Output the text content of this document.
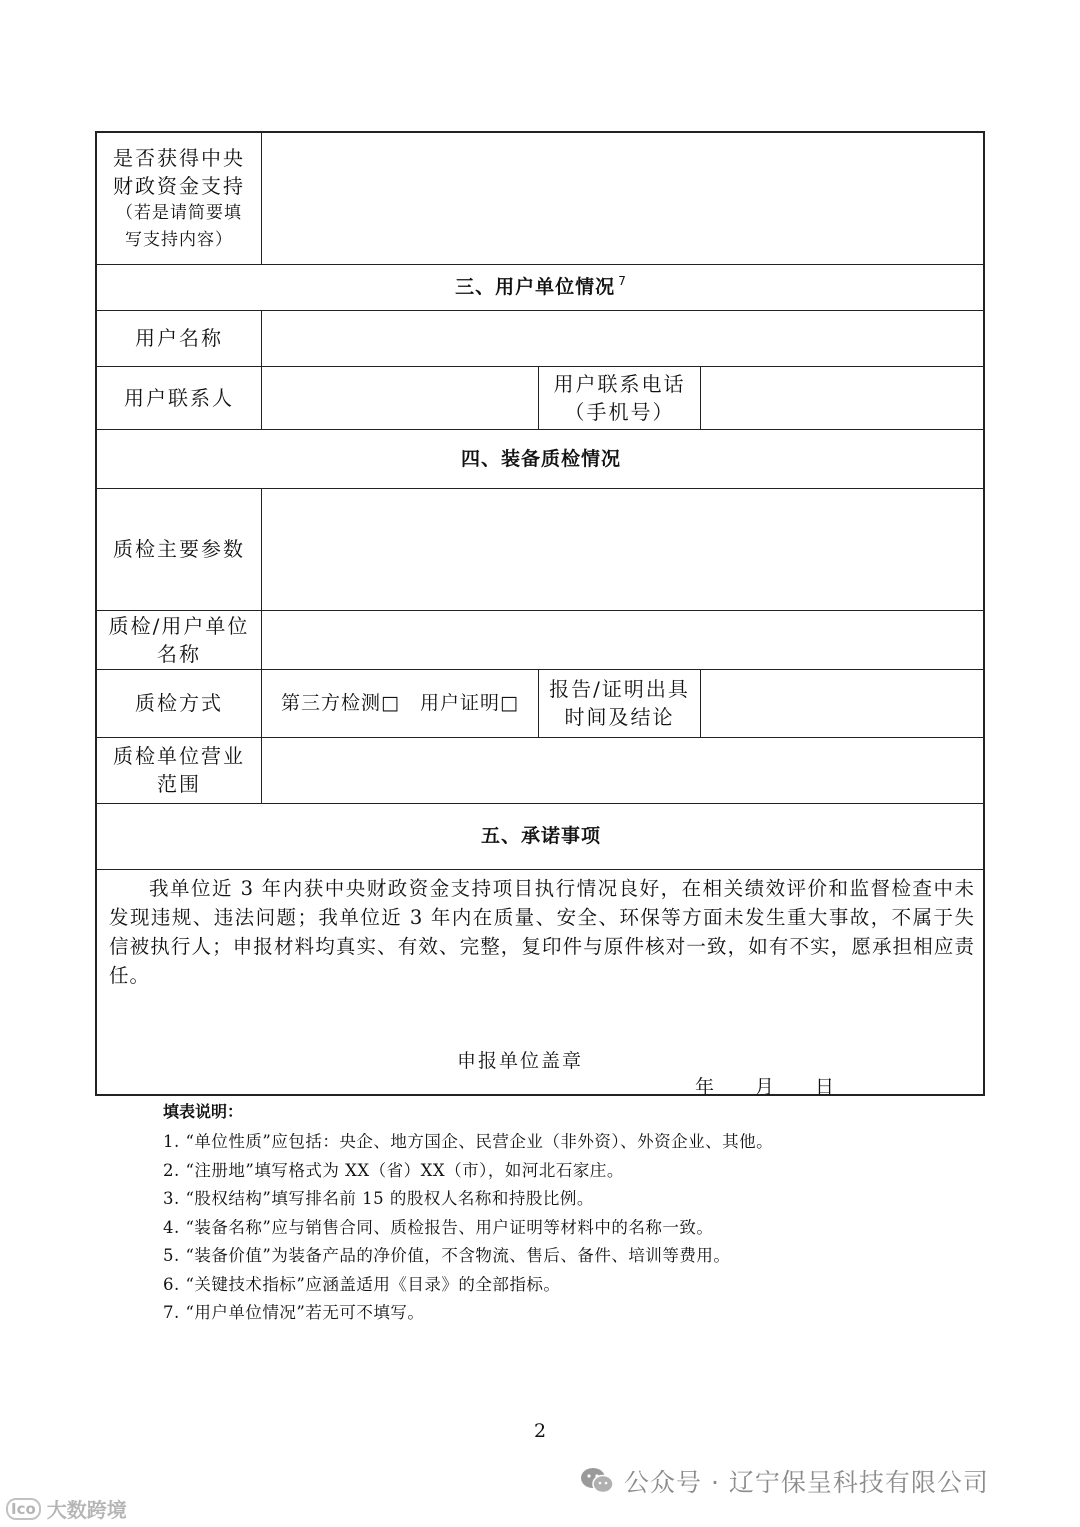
是否获得中央
财政资金支持
（若是请简要填
写支持内容）
三、用户单位情况 $^7$
用户名称
用户联系人
用户联系电话
（手机号）
四、装备质检情况
质检主要参数
质检/用户单位
名称
质检方式	第三方检测□　用户证明□
报告/证明出具
时间及结论
质检单位营业
范围
五、承诺事项

我单位近 3 年内获中央财政资金支持项目执行情况良好，在相关绩效评价和监督检查中未发现违规、违法问题；我单位近 3 年内在质量、安全、环保等方面未发生重大事故，不属于失信被执行人；申报材料均真实、有效、完整，复印件与原件核对一致，如有不实，愿承担相应责任。

申报单位盖章
年　　月　　日
填表说明：
1. “单位性质”应包括：央企、地方国企、民营企业（非外资）、外资企业、其他。
2. “注册地”填写格式为 XX（省）XX（市），如河北石家庄。
3. “股权结构”填写排名前 15 的股权人名称和持股比例。
4. “装备名称”应与销售合同、质检报告、用户证明等材料中的名称一致。
5. “装备价值”为装备产品的净价值，不含物流、售后、备件、培训等费用。
6. “关键技术指标”应涵盖适用《目录》的全部指标。
7. “用户单位情况”若无可不填写。
2
公众号 · 辽宁保呈科技有限公司
Ico 大数跨境
